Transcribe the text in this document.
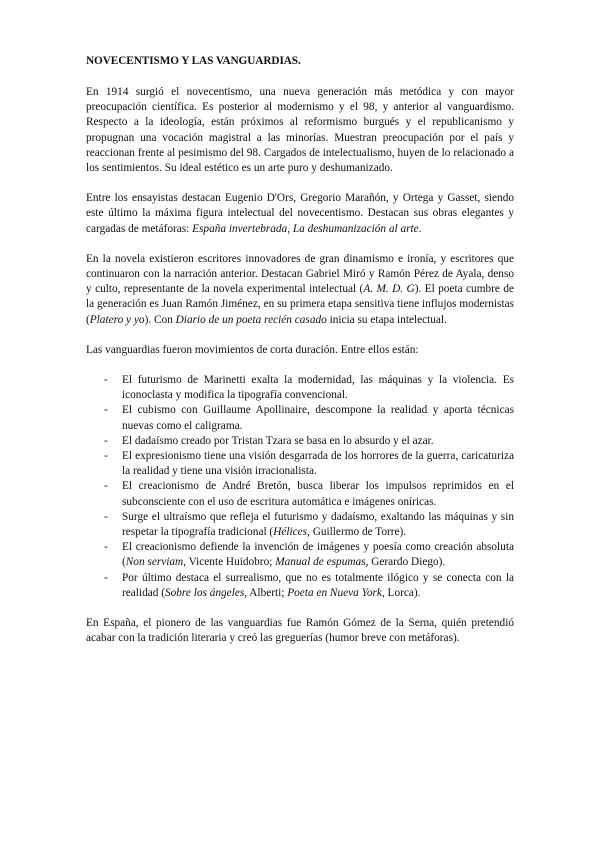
NOVECENTISMO Y LAS VANGUARDIAS.

En 1914 surgió el novecentismo, una nueva generación más metódica y con mayor preocupación científica. Es posterior al modernismo y el 98, y anterior al vanguardismo. Respecto a la ideología, están próximos al reformismo burgués y el republicanismo y propugnan una vocación magistral a las minorías. Muestran preocupación por el país y reaccionan frente al pesimismo del 98. Cargados de intelectualismo, huyen de lo relacionado a los sentimientos. Su ideal estético es un arte puro y deshumanizado.

Entre los ensayistas destacan Eugenio D'Ors, Gregorio Marañón, y Ortega y Gasset, siendo este último la máxima figura intelectual del novecentismo. Destacan sus obras elegantes y cargadas de metáforas: España invertebrada, La deshumanización al arte.

En la novela existieron escritores innovadores de gran dinamismo e ironía, y escritores que continuaron con la narración anterior. Destacan Gabriel Miró y Ramón Pérez de Ayala, denso y culto, representante de la novela experimental intelectual (A. M. D. G). El poeta cumbre de la generación es Juan Ramón Jiménez, en su primera etapa sensitiva tiene influjos modernistas (Platero y yo). Con Diario de un poeta recién casado inicia su etapa intelectual.

Las vanguardias fueron movimientos de corta duración. Entre ellos están:

- El futurismo de Marinetti exalta la modernidad, las máquinas y la violencia. Es iconoclasta y modifica la tipografía convencional.
- El cubismo con Guillaume Apollinaire, descompone la realidad y aporta técnicas nuevas como el caligrama.
- El dadaísmo creado por Tristan Tzara se basa en lo absurdo y el azar.
- El expresionismo tiene una visión desgarrada de los horrores de la guerra, caricaturiza la realidad y tiene una visión irracionalista.
- El creacionismo de André Bretón, busca liberar los impulsos reprimidos en el subconsciente con el uso de escritura automática e imágenes oníricas.
- Surge el ultraísmo que refleja el futurismo y dadaísmo, exaltando las máquinas y sin respetar la tipografía tradicional (Hélices, Guillermo de Torre).
- El creacionismo defiende la invención de imágenes y poesía como creación absoluta (Non serviam, Vicente Huidobro; Manual de espumas, Gerardo Diego).
- Por último destaca el surrealismo, que no es totalmente ilógico y se conecta con la realidad (Sobre los ángeles, Alberti; Poeta en Nueva York, Lorca).

En España, el pionero de las vanguardias fue Ramón Gómez de la Serna, quién pretendió acabar con la tradición literaria y creó las greguerías (humor breve con metáforas).
